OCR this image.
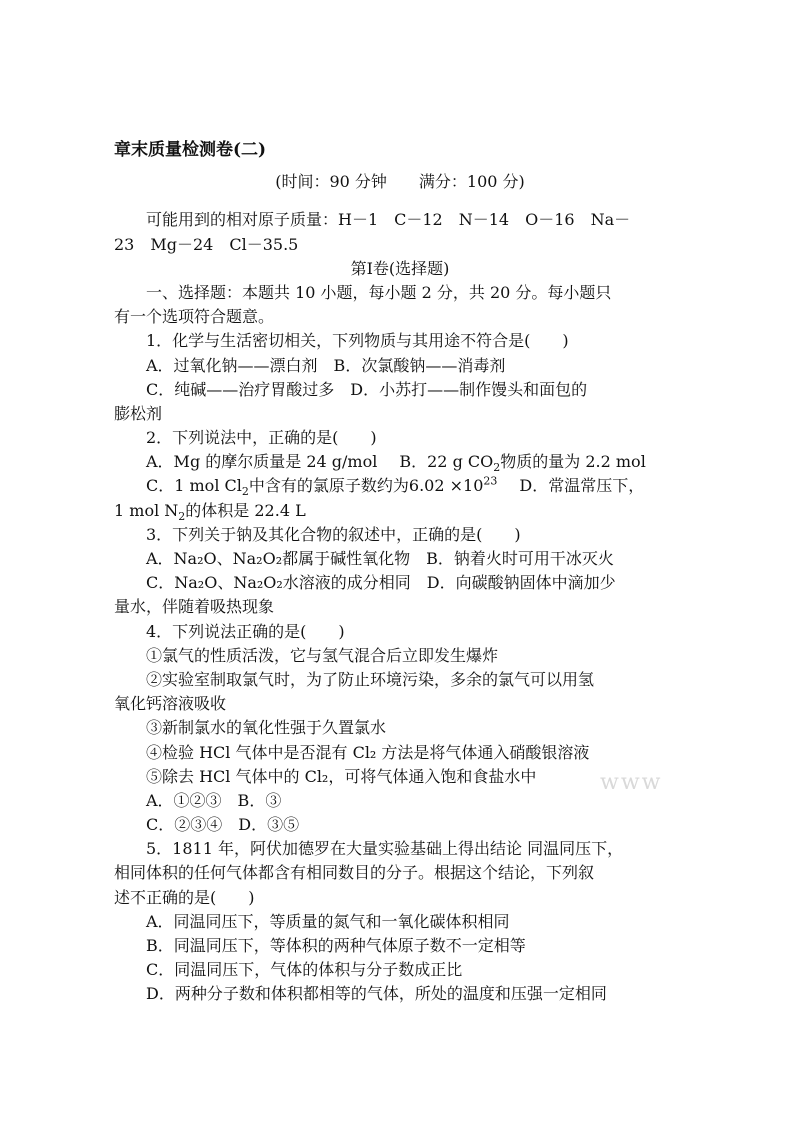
章末质量检测卷(二)
(时间：90 分钟　　满分：100 分)
可能用到的相对原子质量：H－1　C－12　N－14　O－16　Na－
23　Mg－24　Cl－35.5
第Ⅰ卷(选择题)
一、选择题：本题共 10 小题，每小题 2 分，共 20 分。每小题只
有一个选项符合题意。
1．化学与生活密切相关，下列物质与其用途不符合是(　　)
A．过氧化钠——漂白剂　B．次氯酸钠——消毒剂
C．纯碱——治疗胃酸过多　D．小苏打——制作馒头和面包的
膨松剂
2．下列说法中，正确的是(　　)
A．Mg 的摩尔质量是 24 g/mol B．22 g $CO_2$物质的量为 2.2 mol
C．1 mol $Cl_2$中含有的氯原子数约为$6.02 \times 10^{23}$ D．常温常压下，
1 mol $N_2$的体积是 22.4 L
3．下列关于钠及其化合物的叙述中，正确的是(　　)
A．Na₂O、Na₂O₂都属于碱性氧化物　B．钠着火时可用干冰灭火
C．Na₂O、Na₂O₂水溶液的成分相同　D．向碳酸钠固体中滴加少
量水，伴随着吸热现象
4．下列说法正确的是(　　)
①氯气的性质活泼，它与氢气混合后立即发生爆炸
②实验室制取氯气时，为了防止环境污染，多余的氯气可以用氢
氧化钙溶液吸收
③新制氯水的氧化性强于久置氯水
④检验 HCl 气体中是否混有 Cl₂ 方法是将气体通入硝酸银溶液
⑤除去 HCl 气体中的 Cl₂，可将气体通入饱和食盐水中
A．①②③　B．③
C．②③④　D．③⑤
5．1811 年，阿伏加德罗在大量实验基础上得出结论 同温同压下，
相同体积的任何气体都含有相同数目的分子。根据这个结论，下列叙
述不正确的是(　　)
A．同温同压下，等质量的氮气和一氧化碳体积相同
B．同温同压下，等体积的两种气体原子数不一定相等
C．同温同压下，气体的体积与分子数成正比
D．两种分子数和体积都相等的气体，所处的温度和压强一定相同
www
